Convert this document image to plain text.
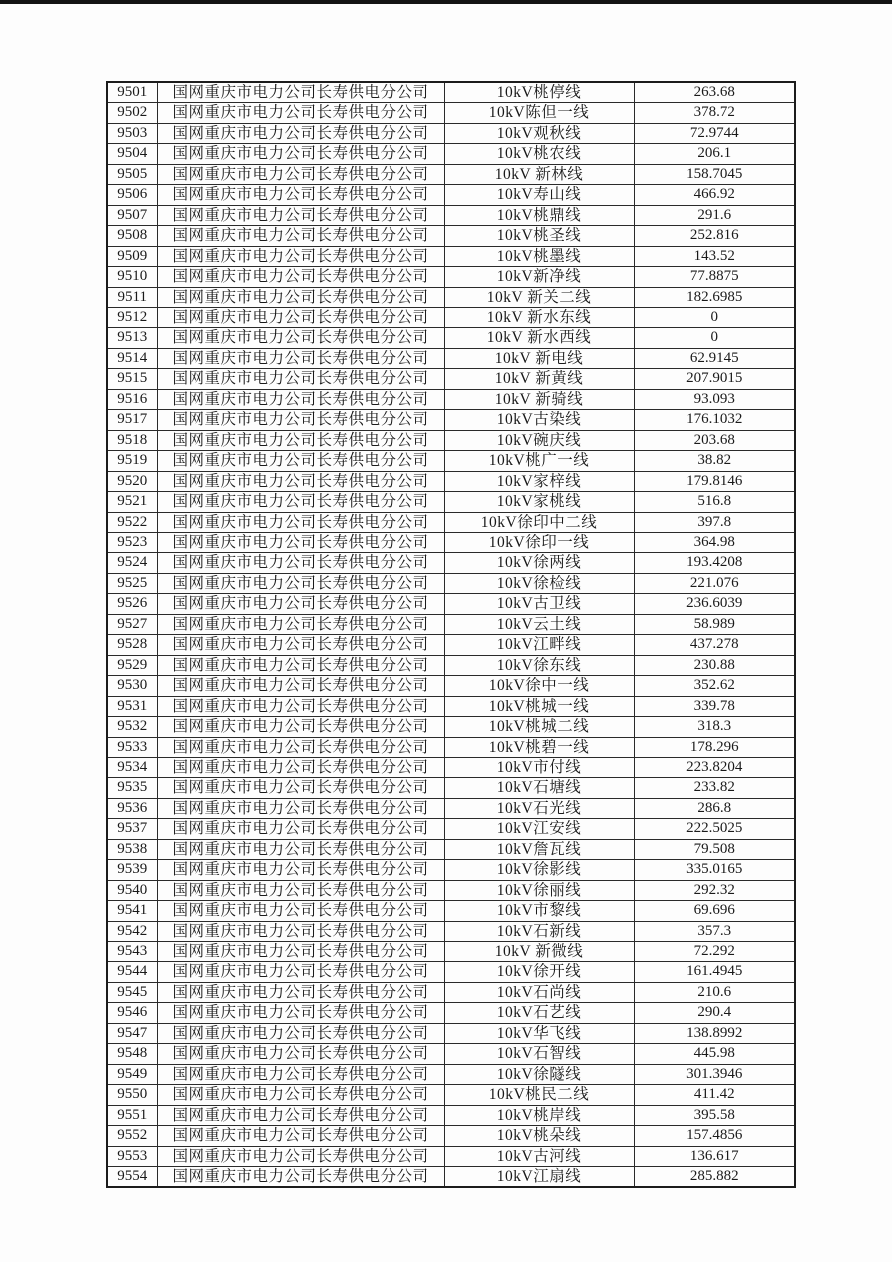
9501	国网重庆市电力公司长寿供电分公司	10kV桃停线	263.68
9502	国网重庆市电力公司长寿供电分公司	10kV陈但一线	378.72
9503	国网重庆市电力公司长寿供电分公司	10kV观秋线	72.9744
9504	国网重庆市电力公司长寿供电分公司	10kV桃农线	206.1
9505	国网重庆市电力公司长寿供电分公司	10kV 新林线	158.7045
9506	国网重庆市电力公司长寿供电分公司	10kV寿山线	466.92
9507	国网重庆市电力公司长寿供电分公司	10kV桃鼎线	291.6
9508	国网重庆市电力公司长寿供电分公司	10kV桃圣线	252.816
9509	国网重庆市电力公司长寿供电分公司	10kV桃墨线	143.52
9510	国网重庆市电力公司长寿供电分公司	10kV新净线	77.8875
9511	国网重庆市电力公司长寿供电分公司	10kV 新关二线	182.6985
9512	国网重庆市电力公司长寿供电分公司	10kV 新水东线	0
9513	国网重庆市电力公司长寿供电分公司	10kV 新水西线	0
9514	国网重庆市电力公司长寿供电分公司	10kV 新电线	62.9145
9515	国网重庆市电力公司长寿供电分公司	10kV 新黄线	207.9015
9516	国网重庆市电力公司长寿供电分公司	10kV 新骑线	93.093
9517	国网重庆市电力公司长寿供电分公司	10kV古染线	176.1032
9518	国网重庆市电力公司长寿供电分公司	10kV碗庆线	203.68
9519	国网重庆市电力公司长寿供电分公司	10kV桃广一线	38.82
9520	国网重庆市电力公司长寿供电分公司	10kV家梓线	179.8146
9521	国网重庆市电力公司长寿供电分公司	10kV家桃线	516.8
9522	国网重庆市电力公司长寿供电分公司	10kV徐印中二线	397.8
9523	国网重庆市电力公司长寿供电分公司	10kV徐印一线	364.98
9524	国网重庆市电力公司长寿供电分公司	10kV徐两线	193.4208
9525	国网重庆市电力公司长寿供电分公司	10kV徐检线	221.076
9526	国网重庆市电力公司长寿供电分公司	10kV古卫线	236.6039
9527	国网重庆市电力公司长寿供电分公司	10kV云土线	58.989
9528	国网重庆市电力公司长寿供电分公司	10kV江畔线	437.278
9529	国网重庆市电力公司长寿供电分公司	10kV徐东线	230.88
9530	国网重庆市电力公司长寿供电分公司	10kV徐中一线	352.62
9531	国网重庆市电力公司长寿供电分公司	10kV桃城一线	339.78
9532	国网重庆市电力公司长寿供电分公司	10kV桃城二线	318.3
9533	国网重庆市电力公司长寿供电分公司	10kV桃碧一线	178.296
9534	国网重庆市电力公司长寿供电分公司	10kV市付线	223.8204
9535	国网重庆市电力公司长寿供电分公司	10kV石塘线	233.82
9536	国网重庆市电力公司长寿供电分公司	10kV石光线	286.8
9537	国网重庆市电力公司长寿供电分公司	10kV江安线	222.5025
9538	国网重庆市电力公司长寿供电分公司	10kV詹瓦线	79.508
9539	国网重庆市电力公司长寿供电分公司	10kV徐影线	335.0165
9540	国网重庆市电力公司长寿供电分公司	10kV徐丽线	292.32
9541	国网重庆市电力公司长寿供电分公司	10kV市黎线	69.696
9542	国网重庆市电力公司长寿供电分公司	10kV石新线	357.3
9543	国网重庆市电力公司长寿供电分公司	10kV 新微线	72.292
9544	国网重庆市电力公司长寿供电分公司	10kV徐开线	161.4945
9545	国网重庆市电力公司长寿供电分公司	10kV石尚线	210.6
9546	国网重庆市电力公司长寿供电分公司	10kV石艺线	290.4
9547	国网重庆市电力公司长寿供电分公司	10kV华飞线	138.8992
9548	国网重庆市电力公司长寿供电分公司	10kV石智线	445.98
9549	国网重庆市电力公司长寿供电分公司	10kV徐隧线	301.3946
9550	国网重庆市电力公司长寿供电分公司	10kV桃民二线	411.42
9551	国网重庆市电力公司长寿供电分公司	10kV桃岸线	395.58
9552	国网重庆市电力公司长寿供电分公司	10kV桃朵线	157.4856
9553	国网重庆市电力公司长寿供电分公司	10kV古河线	136.617
9554	国网重庆市电力公司长寿供电分公司	10kV江扇线	285.882
